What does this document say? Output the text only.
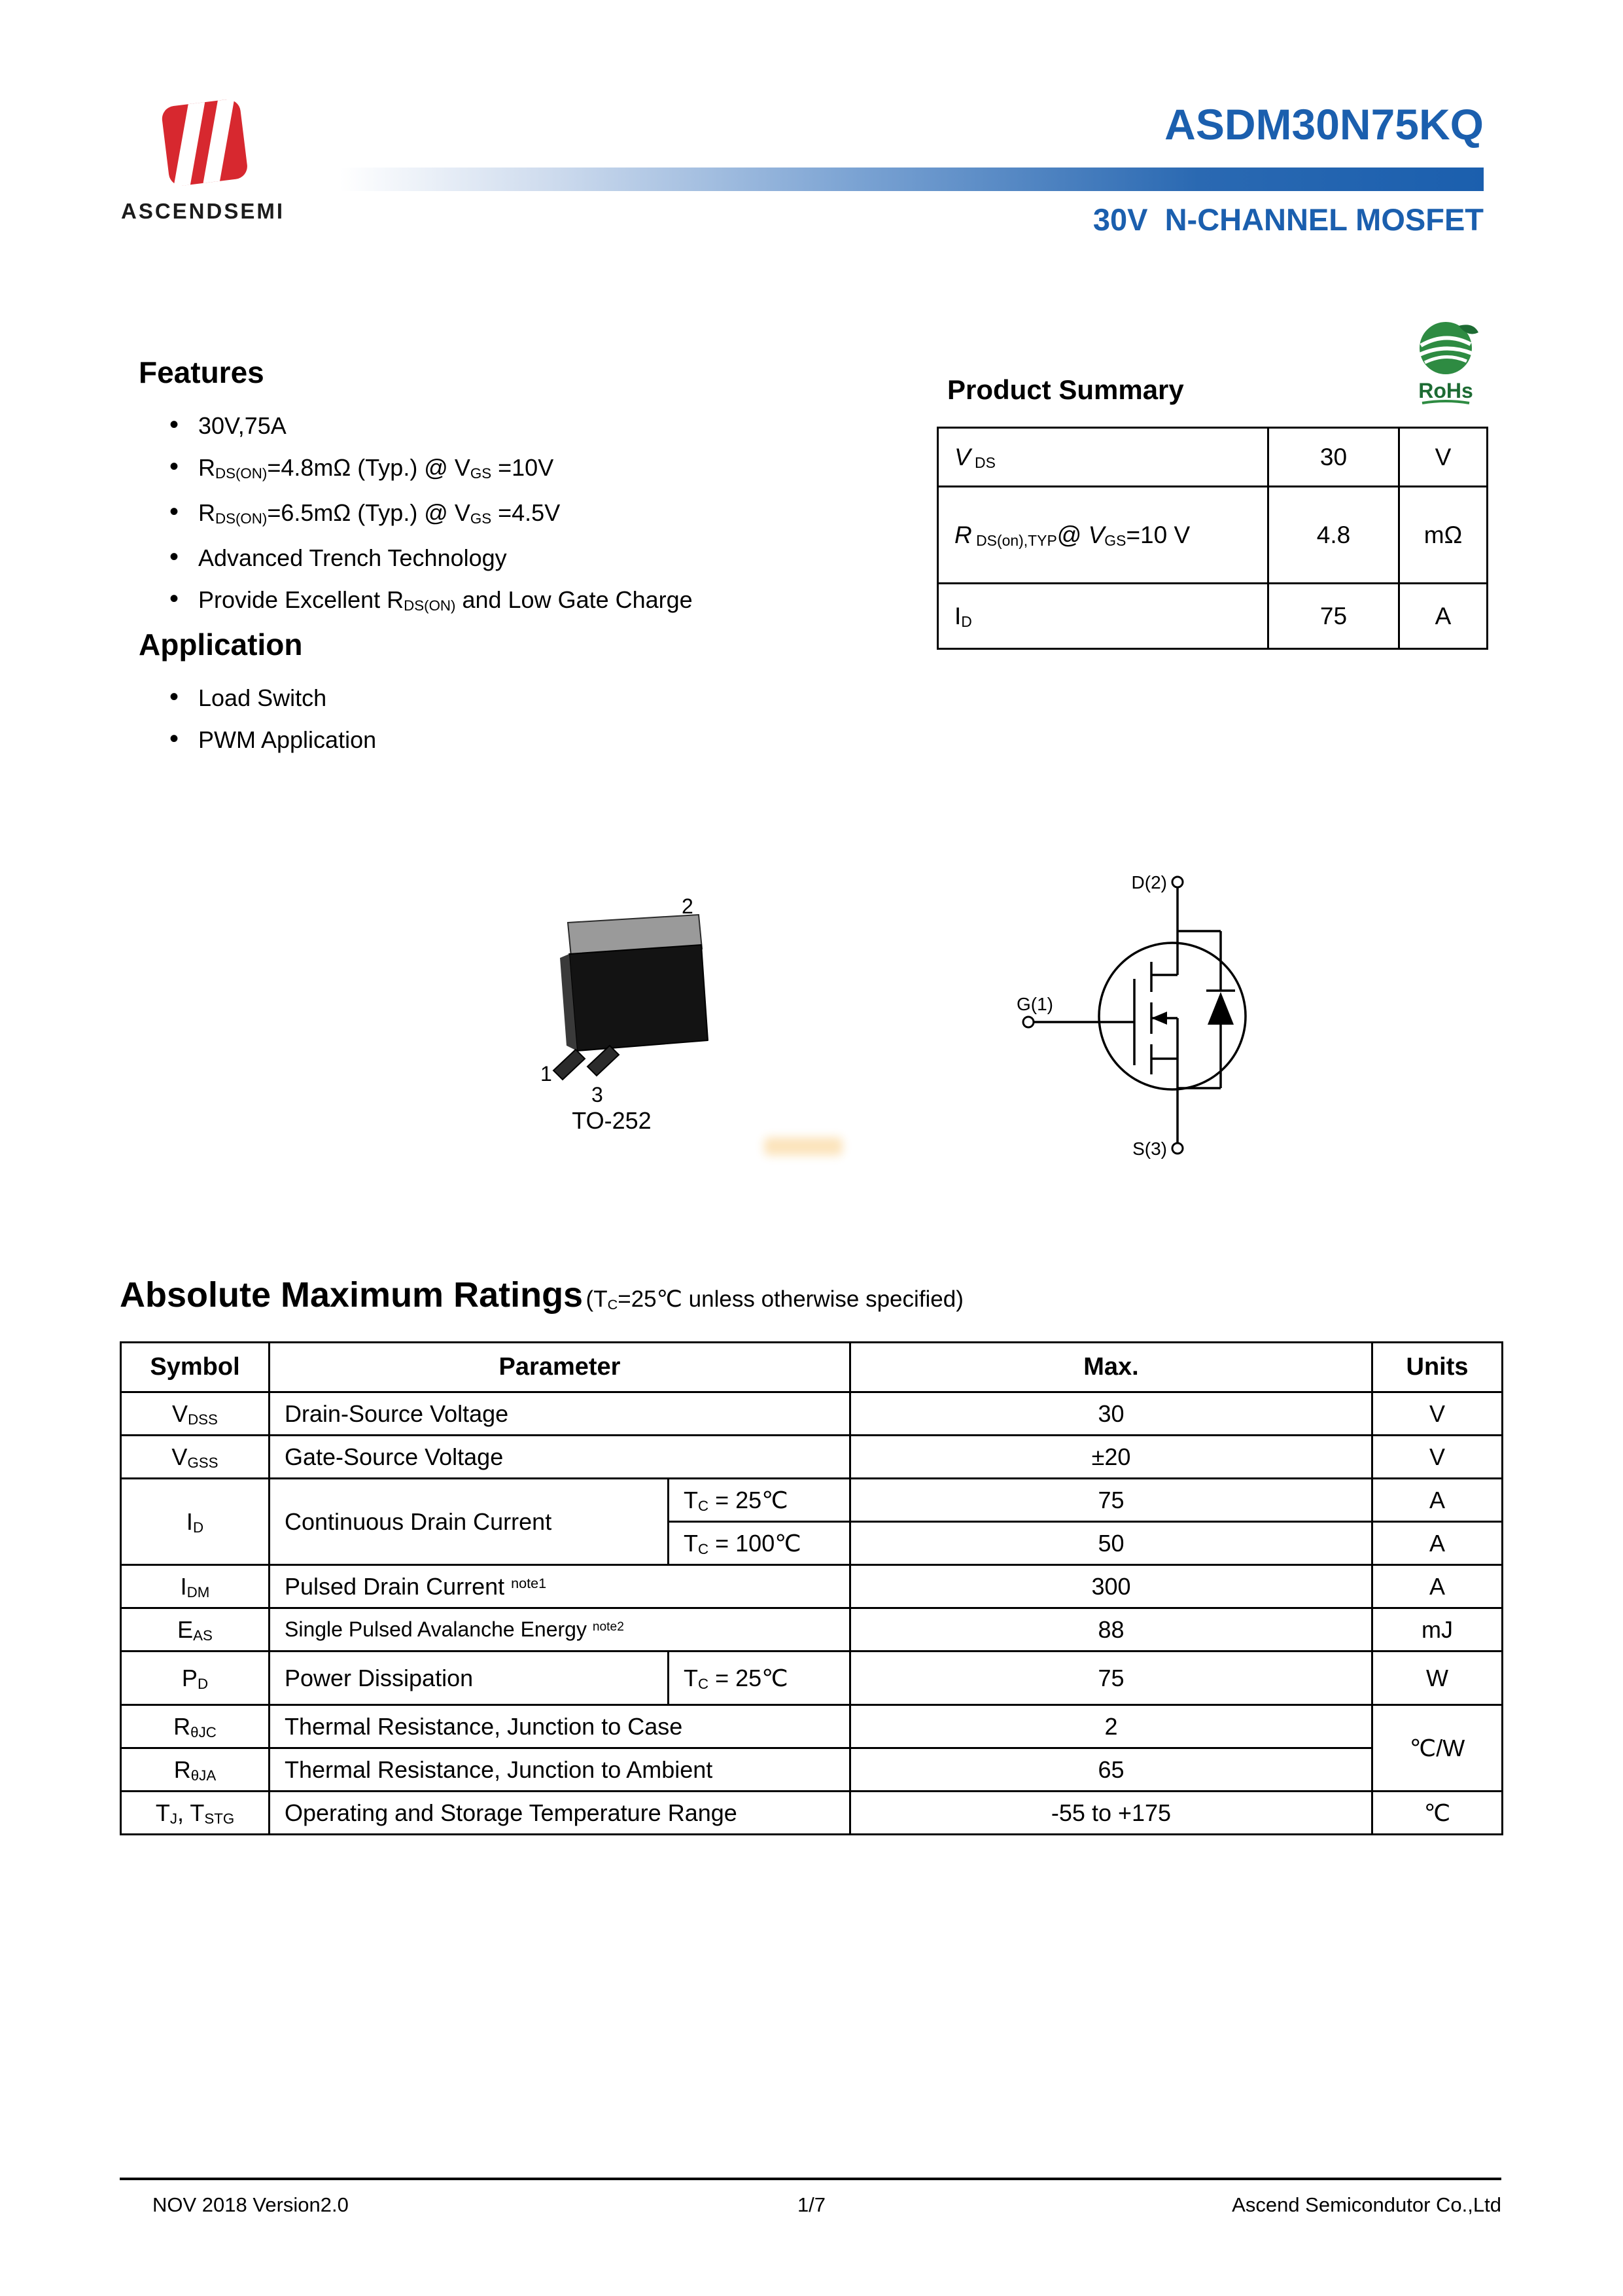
ASCENDSEMI
ASDM30N75KQ
30V  N-CHANNEL MOSFET
Features
• 30V,75A
• RDS(ON)=4.8mΩ (Typ.) @ VGS =10V
• RDS(ON)=6.5mΩ (Typ.) @ VGS =4.5V
• Advanced Trench Technology
• Provide Excellent RDS(ON) and Low Gate Charge
Application
• Load Switch
• PWM Application
Product Summary	RoHs
V DS	30	V
R DS(on),TYP@ VGS=10 V	4.8	mΩ
ID	75	A
1
2
3
TO-252
D(2)
G(1)
S(3)
Absolute Maximum Ratings (TC=25℃ unless otherwise specified)
Symbol	Parameter		Max.	Units
VDSS	Drain-Source Voltage		30	V
VGSS	Gate-Source Voltage		±20	V
ID	Continuous Drain Current	TC = 25℃	75	A
		TC = 100℃	50	A
IDM	Pulsed Drain Current $^{note1}$		300	A
EAS	Single Pulsed Avalanche Energy $^{note2}$		88	mJ
PD	Power Dissipation	TC = 25℃	75	W
RθJC	Thermal Resistance, Junction to Case		2	℃/W
RθJA	Thermal Resistance, Junction to Ambient		65	
TJ, TSTG	Operating and Storage Temperature Range		-55 to +175	℃
NOV 2018 Version2.0	1/7	Ascend Semicondutor Co.,Ltd
